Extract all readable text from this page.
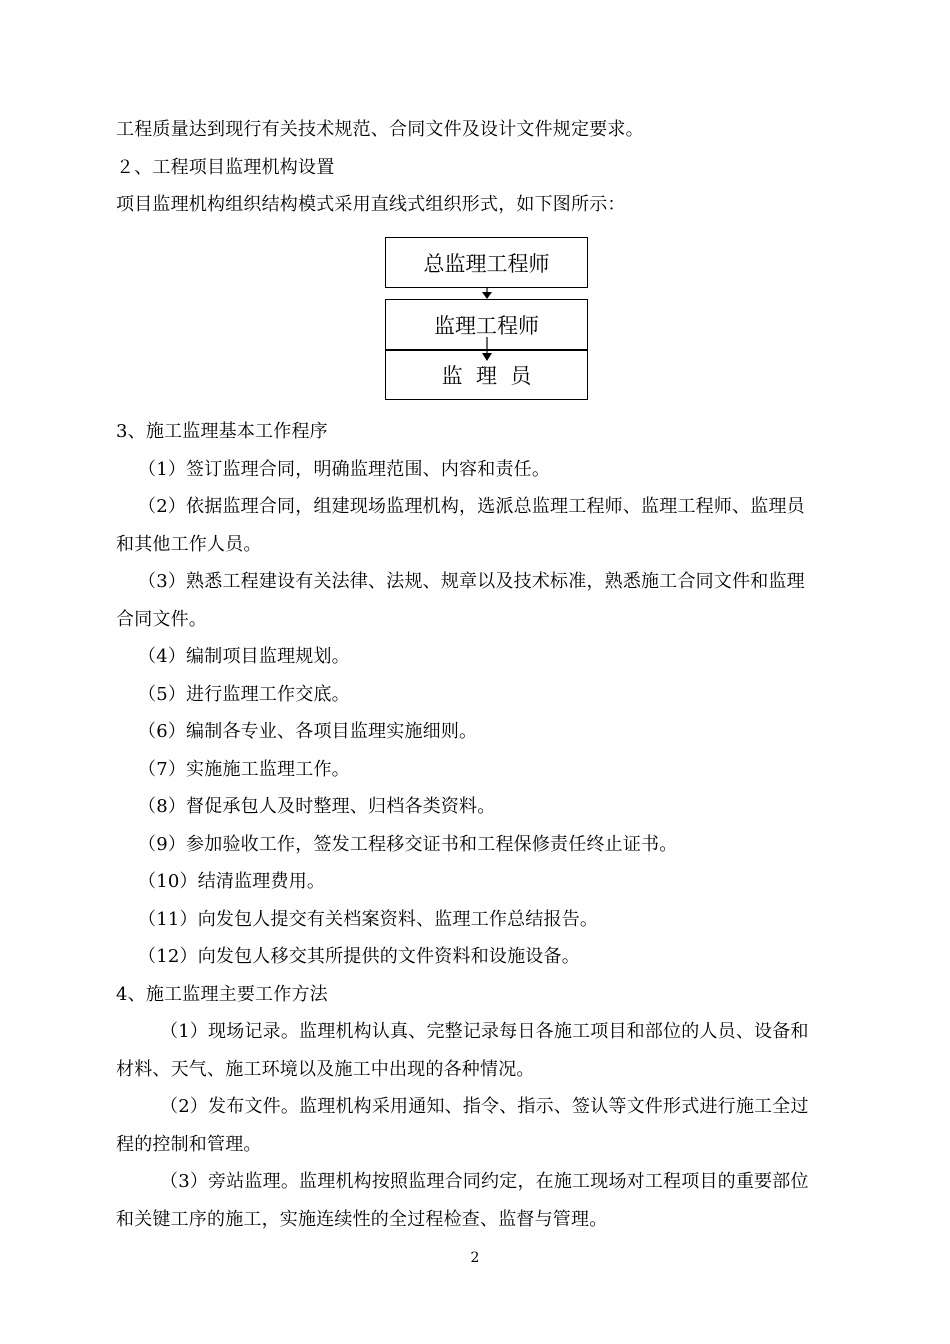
工程质量达到现行有关技术规范、合同文件及设计文件规定要求。
２、工程项目监理机构设置
项目监理机构组织结构模式采用直线式组织形式，如下图所示：
总监理工程师
监理工程师
监  理  员
3、施工监理基本工作程序
（1）签订监理合同，明确监理范围、内容和责任。
（2）依据监理合同，组建现场监理机构，选派总监理工程师、监理工程师、监理员
和其他工作人员。
（3）熟悉工程建设有关法律、法规、规章以及技术标准，熟悉施工合同文件和监理
合同文件。
（4）编制项目监理规划。
（5）进行监理工作交底。
（6）编制各专业、各项目监理实施细则。
（7）实施施工监理工作。
（8）督促承包人及时整理、归档各类资料。
（9）参加验收工作，签发工程移交证书和工程保修责任终止证书。
（10）结清监理费用。
（11）向发包人提交有关档案资料、监理工作总结报告。
（12）向发包人移交其所提供的文件资料和设施设备。
4、施工监理主要工作方法
（1）现场记录。监理机构认真、完整记录每日各施工项目和部位的人员、设备和
材料、天气、施工环境以及施工中出现的各种情况。
（2）发布文件。监理机构采用通知、指令、指示、签认等文件形式进行施工全过
程的控制和管理。
（3）旁站监理。监理机构按照监理合同约定，在施工现场对工程项目的重要部位
和关键工序的施工，实施连续性的全过程检查、监督与管理。
2
